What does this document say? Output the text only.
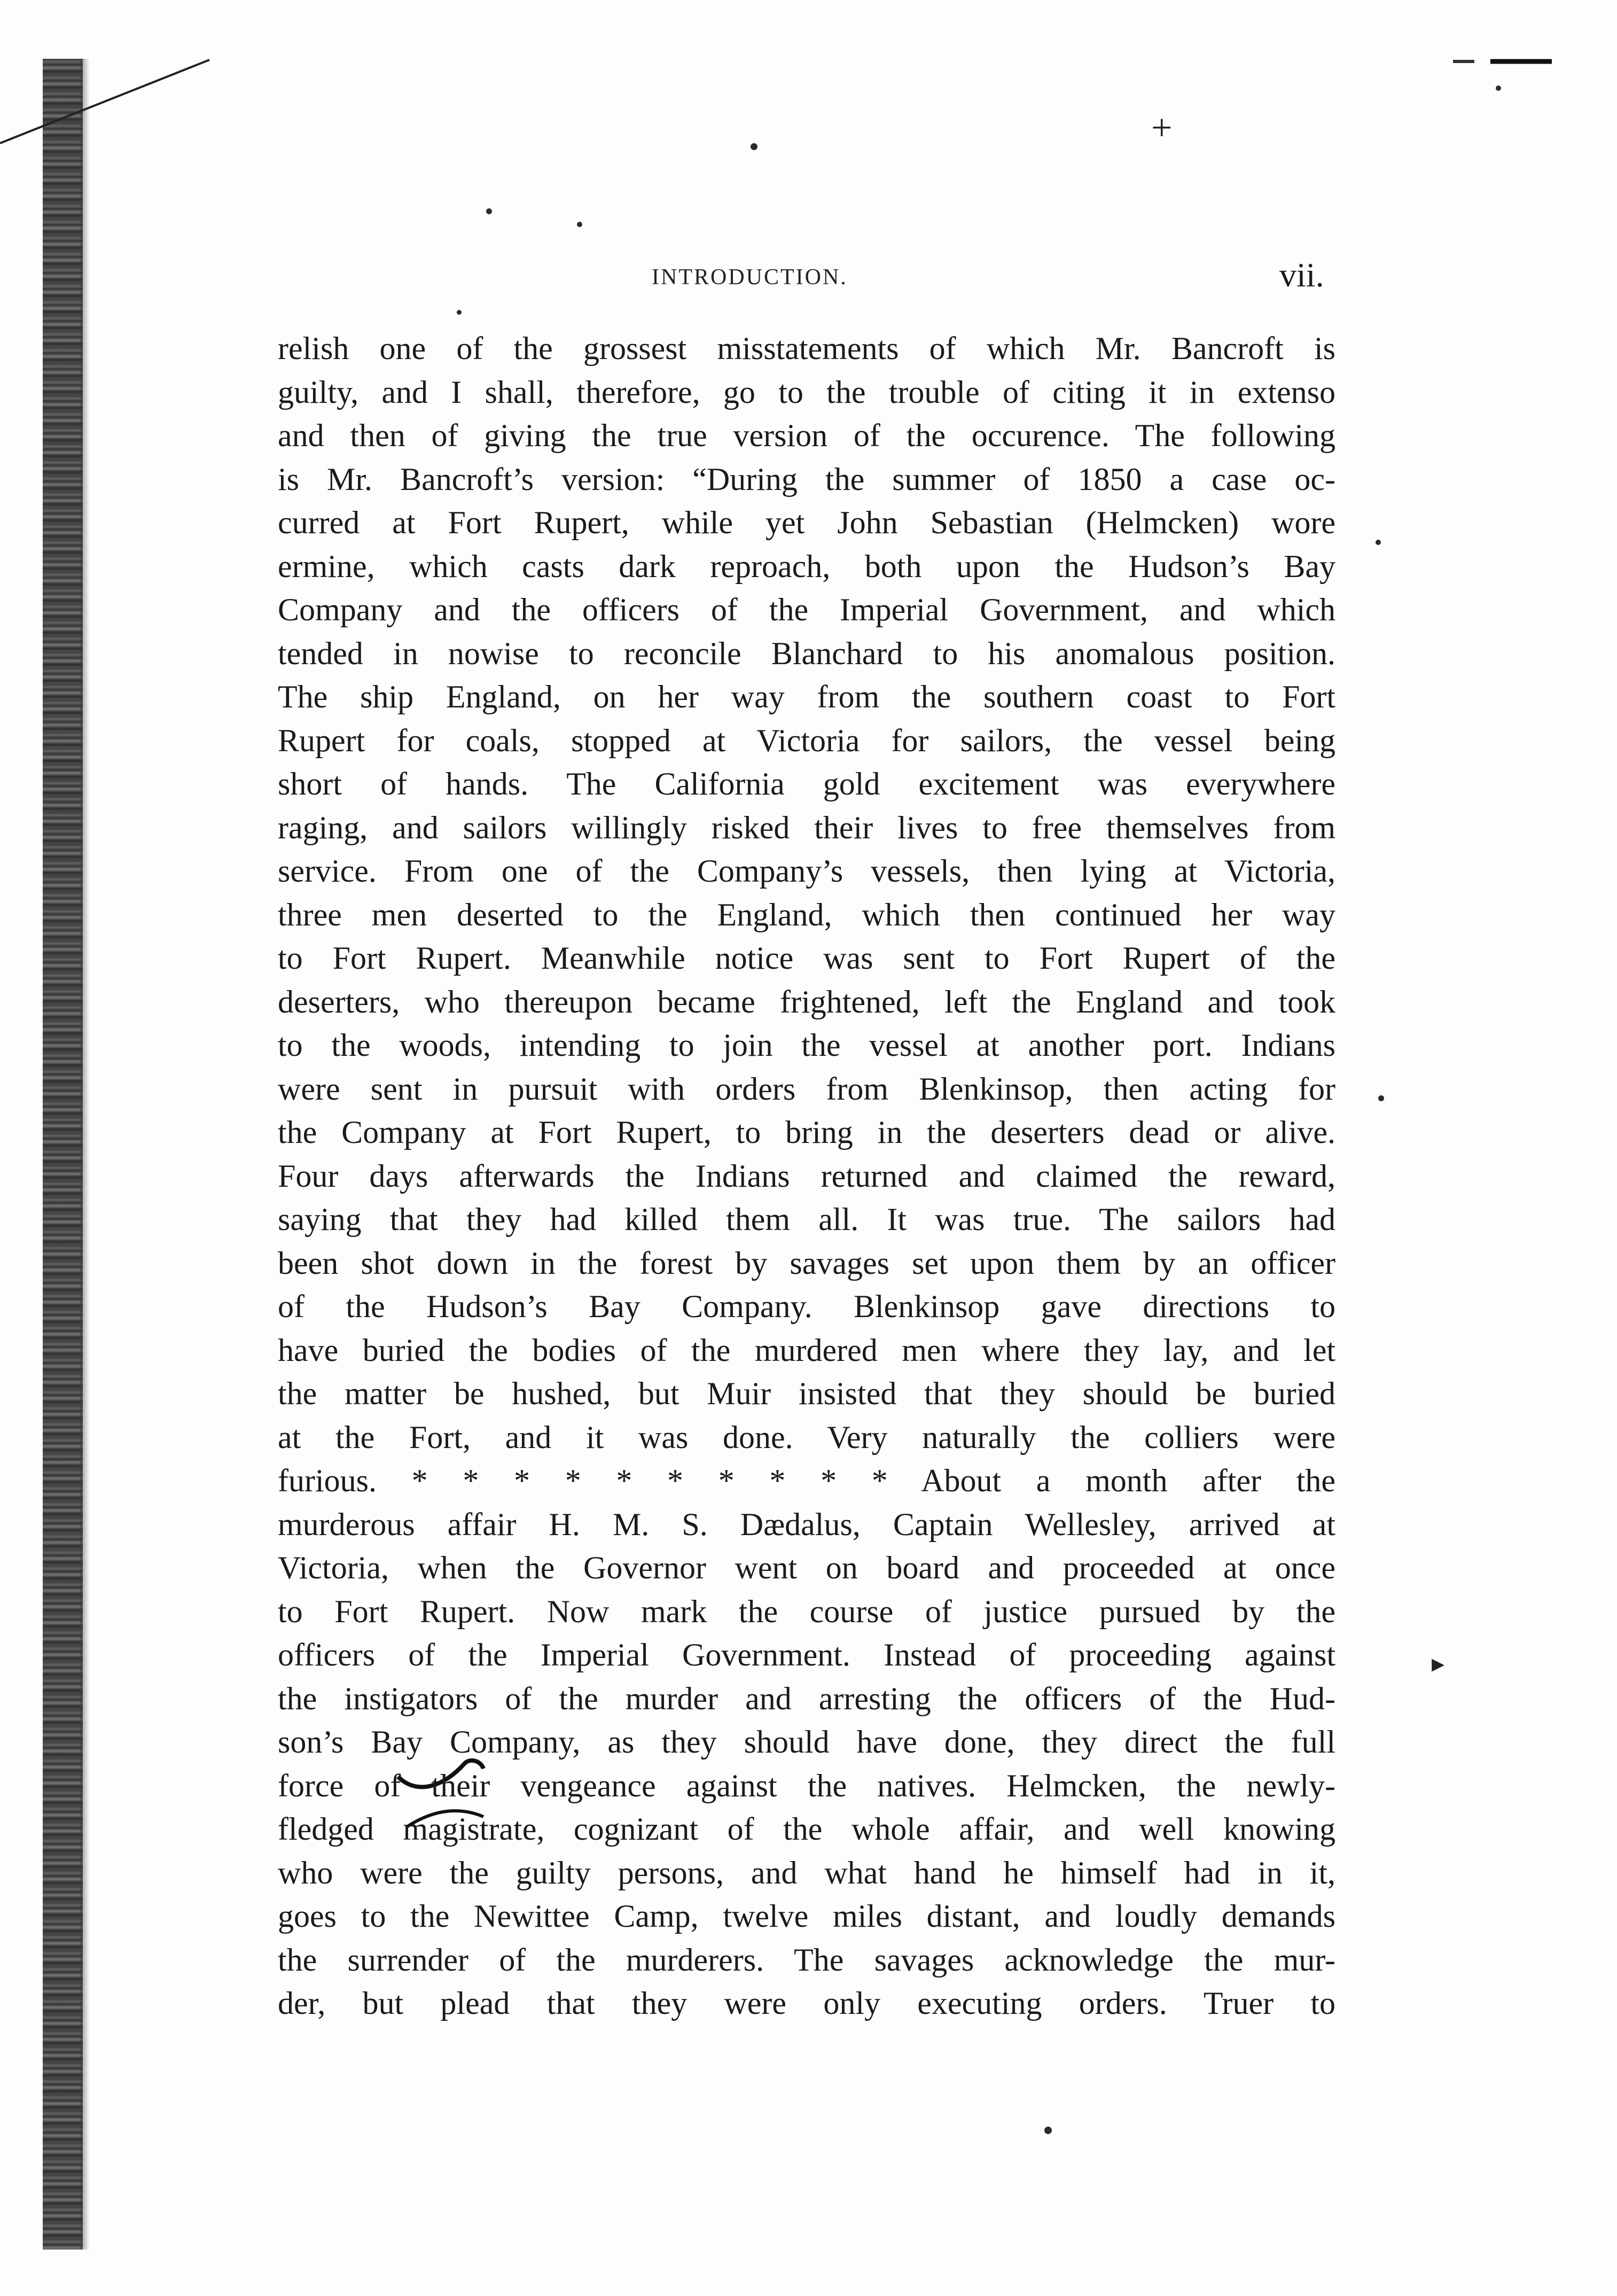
INTRODUCTION.	vii.
relish one of the grossest misstatements of which Mr. Bancroft is
guilty, and I shall, therefore, go to the trouble of citing it in extenso
and then of giving the true version of the occurence. The following
is Mr. Bancroft’s version: “During the summer of 1850 a case oc-
curred at Fort Rupert, while yet John Sebastian (Helmcken) wore
ermine, which casts dark reproach, both upon the Hudson’s Bay
Company and the officers of the Imperial Government, and which
tended in nowise to reconcile Blanchard to his anomalous position.
The ship England, on her way from the southern coast to Fort
Rupert for coals, stopped at Victoria for sailors, the vessel being
short of hands. The California gold excitement was everywhere
raging, and sailors willingly risked their lives to free themselves from
service. From one of the Company’s vessels, then lying at Victoria,
three men deserted to the England, which then continued her way
to Fort Rupert. Meanwhile notice was sent to Fort Rupert of the
deserters, who thereupon became frightened, left the England and took
to the woods, intending to join the vessel at another port. Indians
were sent in pursuit with orders from Blenkinsop, then acting for
the Company at Fort Rupert, to bring in the deserters dead or alive.
Four days afterwards the Indians returned and claimed the reward,
saying that they had killed them all. It was true. The sailors had
been shot down in the forest by savages set upon them by an officer
of the Hudson’s Bay Company. Blenkinsop gave directions to
have buried the bodies of the murdered men where they lay, and let
the matter be hushed, but Muir insisted that they should be buried
at the Fort, and it was done. Very naturally the colliers were
furious. * * * * * * * * * * About a month after the
murderous affair H. M. S. Dædalus, Captain Wellesley, arrived at
Victoria, when the Governor went on board and proceeded at once
to Fort Rupert. Now mark the course of justice pursued by the
officers of the Imperial Government. Instead of proceeding against
the instigators of the murder and arresting the officers of the Hud-
son’s Bay Company, as they should have done, they direct the full
force of their vengeance against the natives. Helmcken, the newly-
fledged magistrate, cognizant of the whole affair, and well knowing
who were the guilty persons, and what hand he himself had in it,
goes to the Newittee Camp, twelve miles distant, and loudly demands
the surrender of the murderers. The savages acknowledge the mur-
der, but plead that they were only executing orders. Truer to
+
▸
